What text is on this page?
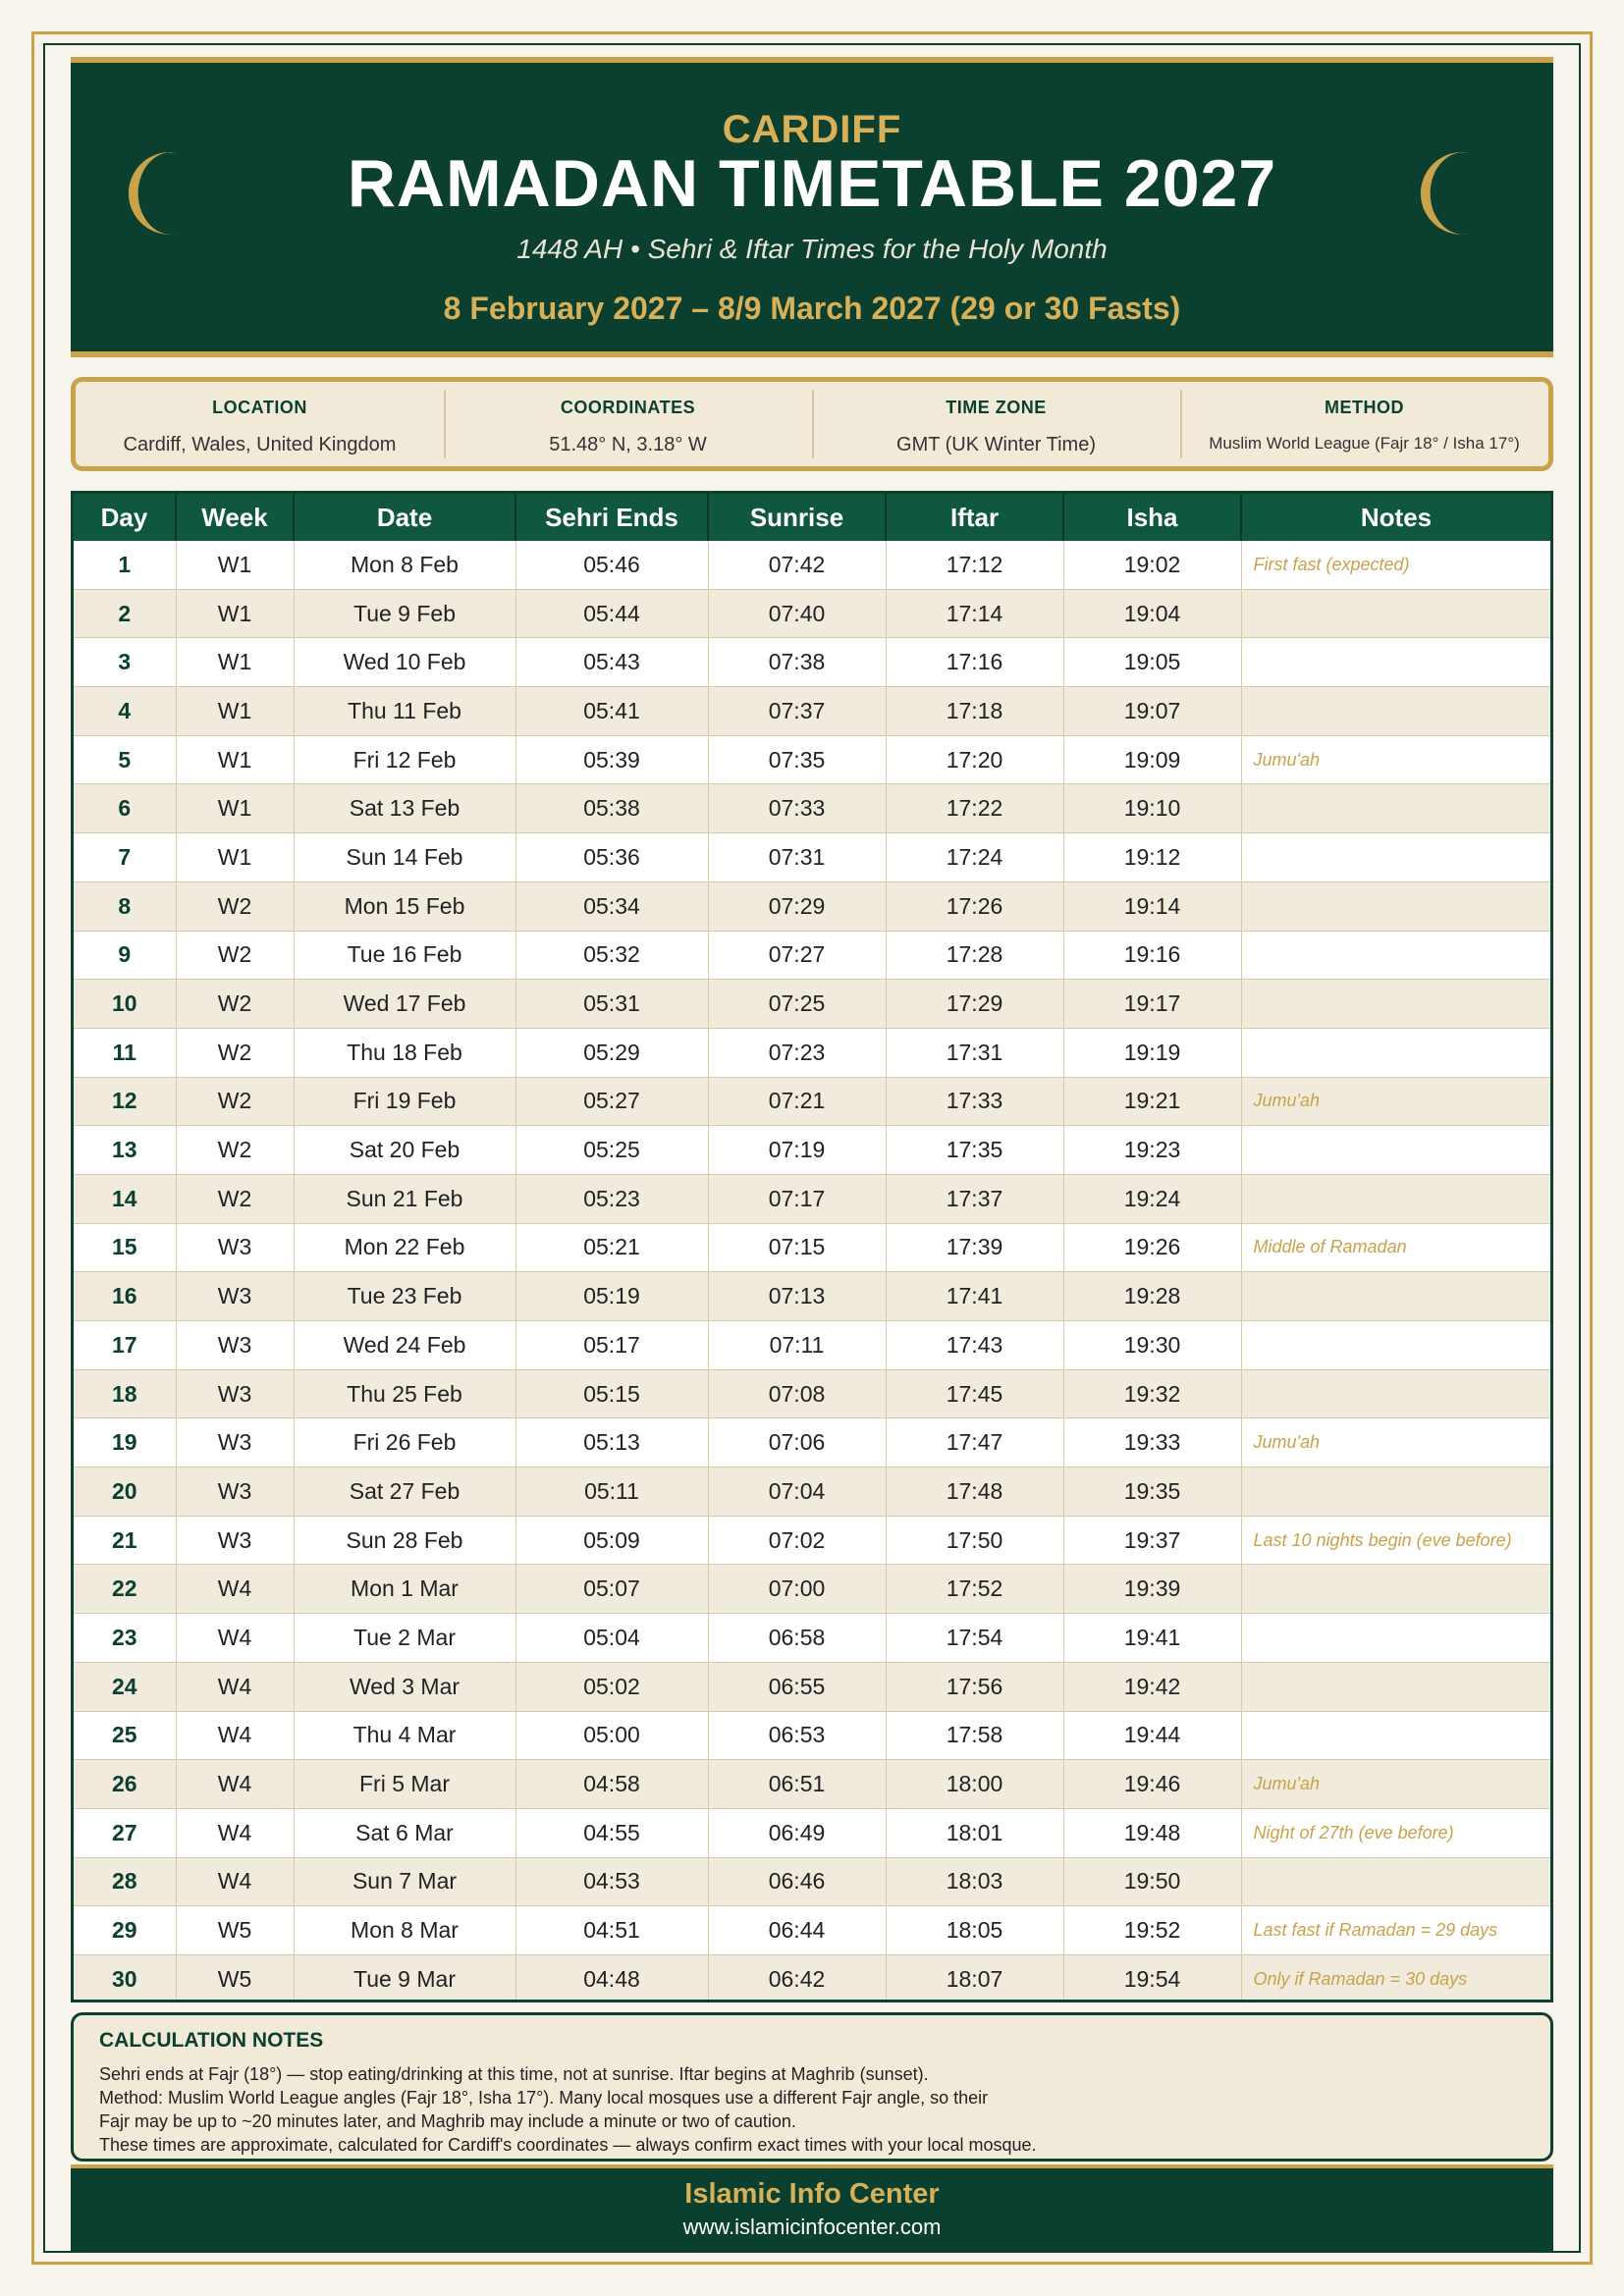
CARDIFF
RAMADAN TIMETABLE 2027
1448 AH • Sehri & Iftar Times for the Holy Month
8 February 2027 – 8/9 March 2027 (29 or 30 Fasts)
LOCATION
Cardiff, Wales, United Kingdom
COORDINATES
51.48° N, 3.18° W
TIME ZONE
GMT (UK Winter Time)
METHOD
Muslim World League (Fajr 18° / Isha 17°)
Day	Week	Date	Sehri Ends	Sunrise	Iftar	Isha	Notes
1	W1	Mon 8 Feb	05:46	07:42	17:12	19:02	First fast (expected)
2	W1	Tue 9 Feb	05:44	07:40	17:14	19:04	
3	W1	Wed 10 Feb	05:43	07:38	17:16	19:05	
4	W1	Thu 11 Feb	05:41	07:37	17:18	19:07	
5	W1	Fri 12 Feb	05:39	07:35	17:20	19:09	Jumu'ah
6	W1	Sat 13 Feb	05:38	07:33	17:22	19:10	
7	W1	Sun 14 Feb	05:36	07:31	17:24	19:12	
8	W2	Mon 15 Feb	05:34	07:29	17:26	19:14	
9	W2	Tue 16 Feb	05:32	07:27	17:28	19:16	
10	W2	Wed 17 Feb	05:31	07:25	17:29	19:17	
11	W2	Thu 18 Feb	05:29	07:23	17:31	19:19	
12	W2	Fri 19 Feb	05:27	07:21	17:33	19:21	Jumu'ah
13	W2	Sat 20 Feb	05:25	07:19	17:35	19:23	
14	W2	Sun 21 Feb	05:23	07:17	17:37	19:24	
15	W3	Mon 22 Feb	05:21	07:15	17:39	19:26	Middle of Ramadan
16	W3	Tue 23 Feb	05:19	07:13	17:41	19:28	
17	W3	Wed 24 Feb	05:17	07:11	17:43	19:30	
18	W3	Thu 25 Feb	05:15	07:08	17:45	19:32	
19	W3	Fri 26 Feb	05:13	07:06	17:47	19:33	Jumu'ah
20	W3	Sat 27 Feb	05:11	07:04	17:48	19:35	
21	W3	Sun 28 Feb	05:09	07:02	17:50	19:37	Last 10 nights begin (eve before)
22	W4	Mon 1 Mar	05:07	07:00	17:52	19:39	
23	W4	Tue 2 Mar	05:04	06:58	17:54	19:41	
24	W4	Wed 3 Mar	05:02	06:55	17:56	19:42	
25	W4	Thu 4 Mar	05:00	06:53	17:58	19:44	
26	W4	Fri 5 Mar	04:58	06:51	18:00	19:46	Jumu'ah
27	W4	Sat 6 Mar	04:55	06:49	18:01	19:48	Night of 27th (eve before)
28	W4	Sun 7 Mar	04:53	06:46	18:03	19:50	
29	W5	Mon 8 Mar	04:51	06:44	18:05	19:52	Last fast if Ramadan = 29 days
30	W5	Tue 9 Mar	04:48	06:42	18:07	19:54	Only if Ramadan = 30 days
CALCULATION NOTES
Sehri ends at Fajr (18°) — stop eating/drinking at this time, not at sunrise. Iftar begins at Maghrib (sunset).
Method: Muslim World League angles (Fajr 18°, Isha 17°). Many local mosques use a different Fajr angle, so their
Fajr may be up to ~20 minutes later, and Maghrib may include a minute or two of caution.
These times are approximate, calculated for Cardiff's coordinates — always confirm exact times with your local mosque.
Islamic Info Center
www.islamicinfocenter.com
